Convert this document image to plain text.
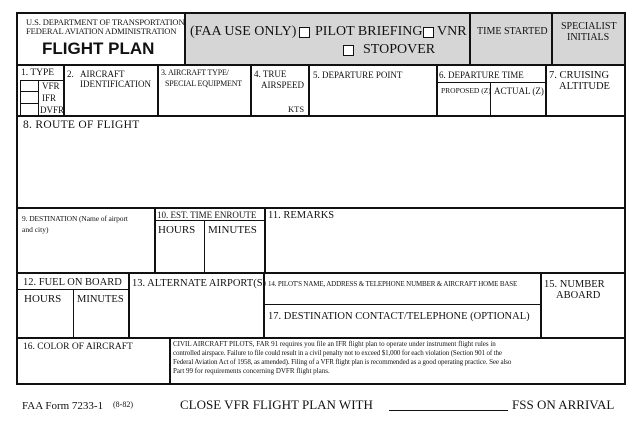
U.S. DEPARTMENT OF TRANSPORTATION
FEDERAL AVIATION ADMINISTRATION
FLIGHT PLAN
(FAA USE ONLY) PILOT BRIEFING VNR
STOPOVER
TIME STARTED SPECIALIST
INITIALS
1. TYPE
VFR
IFR
DVFR
2. AIRCRAFT
IDENTIFICATION
3. AIRCRAFT TYPE/
SPECIAL EQUIPMENT
4. TRUE
AIRSPEED
KTS
5. DEPARTURE POINT	6. DEPARTURE TIME
PROPOSED (Z) ACTUAL (Z)
7. CRUISING
ALTITUDE
8. ROUTE OF FLIGHT
9. DESTINATION (Name of airport
and city)
10. EST. TIME ENROUTE
HOURS MINUTES
11. REMARKS
12. FUEL ON BOARD
HOURS MINUTES
13. ALTERNATE AIRPORT(S) 14. PILOT'S NAME, ADDRESS & TELEPHONE NUMBER & AIRCRAFT HOME BASE
17. DESTINATION CONTACT/TELEPHONE (OPTIONAL)
15. NUMBER
ABOARD
16. COLOR OF AIRCRAFT	CIVIL AIRCRAFT PILOTS, FAR 91 requires you file an IFR flight plan to operate under instrument flight rules in
controlled airspace. Failure to file could result in a civil penalty not to exceed $1,000 for each violation (Section 901 of the
Federal Aviation Act of 1958, as amended). Filing of a VFR flight plan is recommended as a good operating practice. See also
Part 99 for requirements concerning DVFR flight plans.
FAA Form 7233-1 (8-82)	CLOSE VFR FLIGHT PLAN WITH	FSS ON ARRIVAL
